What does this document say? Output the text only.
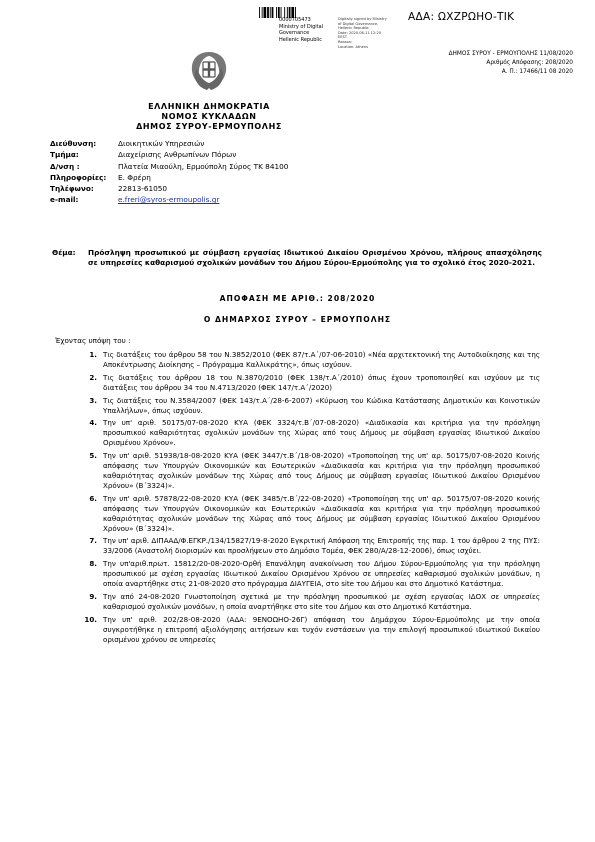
0000705473
Ministry of Digital
Governance
Hellenic Republic
Digitally signed by Ministry
of Digital Governance,
Hellenic Republic
Date: 2020.08.11 12:20
EEST
Reason:
Location: Athens
ΑΔΑ: ΩΧΖΡΩΗΟ-ΤΙΚ
ΔΗΜΟΣ ΣΥΡΟΥ - ΕΡΜΟΥΠΟΛΗΣ 11/08/2020
Αριθμός Απόφασης: 208/2020
Α. Π.: 17466/11 08 2020
ΕΛΛΗΝΙΚΗ ΔΗΜΟΚΡΑΤΙΑ
ΝΟΜΟΣ ΚΥΚΛΑΔΩΝ
ΔΗΜΟΣ ΣΥΡΟΥ-ΕΡΜΟΥΠΟΛΗΣ
Διεύθυνση:	Διοικητικών Υπηρεσιών
Τμήμα:	Διαχείρισης Ανθρωπίνων Πόρων
Δ/νση :	Πλατεία Μιαούλη, Ερμούπολη Σύρος ΤΚ 84100
Πληροφορίες: Ε. Φρέρη
Τηλέφωνο:	22813-61050
e-mail:	e.freri@syros-ermoupolis.gr
Θέμα:	Πρόσληψη προσωπικού με σύμβαση εργασίας Ιδιωτικού Δικαίου Ορισμένου Χρόνου, πλήρους απασχόλησης σε υπηρεσίες καθαρισμού σχολικών μονάδων του Δήμου Σύρου-Ερμούπολης για το σχολικό έτος 2020-2021.
ΑΠΟΦΑΣΗ ΜΕ ΑΡΙΘ.: 208/2020
Ο ΔΗΜΑΡΧΟΣ ΣΥΡΟΥ – ΕΡΜΟΥΠΟΛΗΣ
Έχοντας υπόψη του :
1. Τις διατάξεις του άρθρου 58 του Ν.3852/2010 (ΦΕΚ 87/τ.Α΄/07-06-2010) «Νέα αρχιτεκτονική της Αυτοδιοίκησης και της Αποκέντρωσης Διοίκησης – Πρόγραμμα Καλλικράτης», όπως ισχύουν.
2. Τις διατάξεις του άρθρου 18 του Ν.3870/2010 (ΦΕΚ 138/τ.Α΄/2010) όπως έχουν τροποποιηθεί και ισχύουν με τις διατάξεις του άρθρου 34 του Ν.4713/2020 (ΦΕΚ 147/τ.Α΄/2020)
3. Τις διατάξεις του Ν.3584/2007 (ΦΕΚ 143/τ.Α΄/28-6-2007) «Κύρωση του Κώδικα Κατάστασης Δημοτικών και Κοινοτικών Υπαλλήλων», όπως ισχύουν.
4. Την υπ' αριθ. 50175/07-08-2020 ΚΥΑ (ΦΕΚ 3324/τ.Β΄/07-08-2020) «Διαδικασία και κριτήρια για την πρόσληψη προσωπικού καθαριότητας σχολικών μονάδων της Χώρας από τους Δήμους με σύμβαση εργασίας Ιδιωτικού Δικαίου Ορισμένου Χρόνου».
5. Την υπ' αριθ. 51938/18-08-2020 ΚΥΑ (ΦΕΚ 3447/τ.Β΄/18-08-2020) «Τροποποίηση της υπ' αρ. 50175/07-08-2020 Κοινής απόφασης των Υπουργών Οικονομικών και Εσωτερικών «Διαδικασία και κριτήρια για την πρόσληψη προσωπικού καθαριότητας σχολικών μονάδων της Χώρας από τους Δήμους με σύμβαση εργασίας Ιδιωτικού Δικαίου Ορισμένου Χρόνου» (Β΄3324)».
6. Την υπ' αριθ. 57878/22-08-2020 ΚΥΑ (ΦΕΚ 3485/τ.Β΄/22-08-2020) «Τροποποίηση της υπ' αρ. 50175/07-08-2020 κοινής απόφασης των Υπουργών Οικονομικών και Εσωτερικών «Διαδικασία και κριτήρια για την πρόσληψη προσωπικού καθαριότητας σχολικών μονάδων της Χώρας από τους Δήμους με σύμβαση εργασίας Ιδιωτικού Δικαίου Ορισμένου Χρόνου» (Β΄3324)».
7. Την υπ' αριθ. ΔΙΠΑΑΔ/Φ.ΕΓΚΡ./134/15827/19-8-2020 Εγκριτική Απόφαση της Επιτροπής της παρ. 1 του άρθρου 2 της ΠΥΣ: 33/2006 (Αναστολή διορισμών και προσλήψεων στο Δημόσιο Τομέα, ΦΕΚ 280/Α/28-12-2006), όπως ισχύει.
8. Την υπ'αριθ.πρωτ. 15812/20-08-2020-Ορθή Επανάληψη ανακοίνωση του Δήμου Σύρου-Ερμούπολης για την πρόσληψη προσωπικού με σχέση εργασίας Ιδιωτικού Δικαίου Ορισμένου Χρόνου σε υπηρεσίες καθαρισμού σχολικών μονάδων, η οποία αναρτήθηκε στις 21-08-2020 στο πρόγραμμα ΔΙΑΥΓΕΙΑ, στο site του Δήμου και στο Δημοτικό Κατάστημα.
9. Την από 24-08-2020 Γνωστοποίηση σχετικά με την πρόσληψη προσωπικού με σχέση εργασίας ΙΔΟΧ σε υπηρεσίες καθαρισμού σχολικών μονάδων, η οποία αναρτήθηκε στο site του Δήμου και στο Δημοτικό Κατάστημα.
10. Την υπ' αριθ. 202/28-08-2020 (ΑΔΑ: 9ΕΝΟΩΗΟ-26Γ) απόφαση του Δημάρχου Σύρου-Ερμούπολης με την οποία συγκροτήθηκε η επιτροπή αξιολόγησης αιτήσεων και τυχόν ενστάσεων για την επιλογή προσωπικού ιδιωτικού δικαίου ορισμένου χρόνου σε υπηρεσίες
